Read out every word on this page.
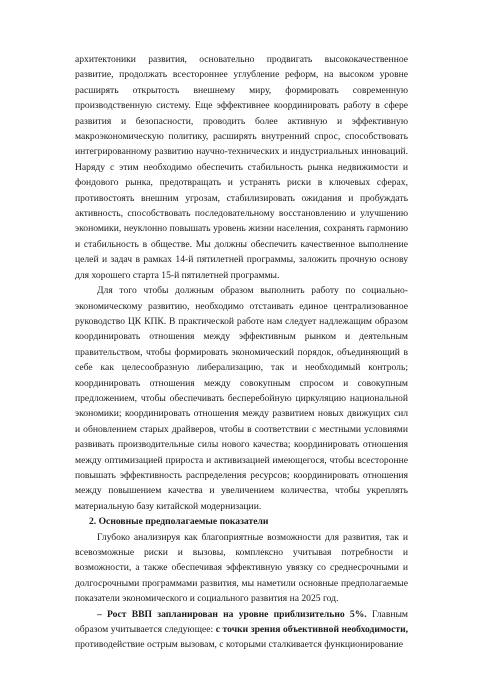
архитектоники развития, основательно продвигать высококачественное развитие, продолжать всестороннее углубление реформ, на высоком уровне расширять открытость внешнему миру, формировать современную производственную систему. Еще эффективнее координировать работу в сфере развития и безопасности, проводить более активную и эффективную макроэкономическую политику, расширять внутренний спрос, способствовать интегрированному развитию научно-технических и индустриальных инноваций. Наряду с этим необходимо обеспечить стабильность рынка недвижимости и фондового рынка, предотвращать и устранять риски в ключевых сферах, противостоять внешним угрозам, стабилизировать ожидания и пробуждать активность, способствовать последовательному восстановлению и улучшению экономики, неуклонно повышать уровень жизни населения, сохранять гармонию и стабильность в обществе. Мы должны обеспечить качественное выполнение целей и задач в рамках 14-й пятилетней программы, заложить прочную основу для хорошего старта 15-й пятилетней программы.

Для того чтобы должным образом выполнить работу по социально-экономическому развитию, необходимо отстаивать единое централизованное руководство ЦК КПК. В практической работе нам следует надлежащим образом координировать отношения между эффективным рынком и деятельным правительством, чтобы формировать экономический порядок, объединяющий в себе как целесообразную либерализацию, так и необходимый контроль; координировать отношения между совокупным спросом и совокупным предложением, чтобы обеспечивать бесперебойную циркуляцию национальной экономики; координировать отношения между развитием новых движущих сил и обновлением старых драйверов, чтобы в соответствии с местными условиями развивать производительные силы нового качества; координировать отношения между оптимизацией прироста и активизацией имеющегося, чтобы всесторонне повышать эффективность распределения ресурсов; координировать отношения между повышением качества и увеличением количества, чтобы укреплять материальную базу китайской модернизации.

2. Основные предполагаемые показатели

Глубоко анализируя как благоприятные возможности для развития, так и всевозможные риски и вызовы, комплексно учитывая потребности и возможности, а также обеспечивая эффективную увязку со среднесрочными и долгосрочными программами развития, мы наметили основные предполагаемые показатели экономического и социального развития на 2025 год.

– Рост ВВП запланирован на уровне приблизительно 5%. Главным образом учитывается следующее: с точки зрения объективной необходимости, противодействие острым вызовам, с которыми сталкивается функционирование
